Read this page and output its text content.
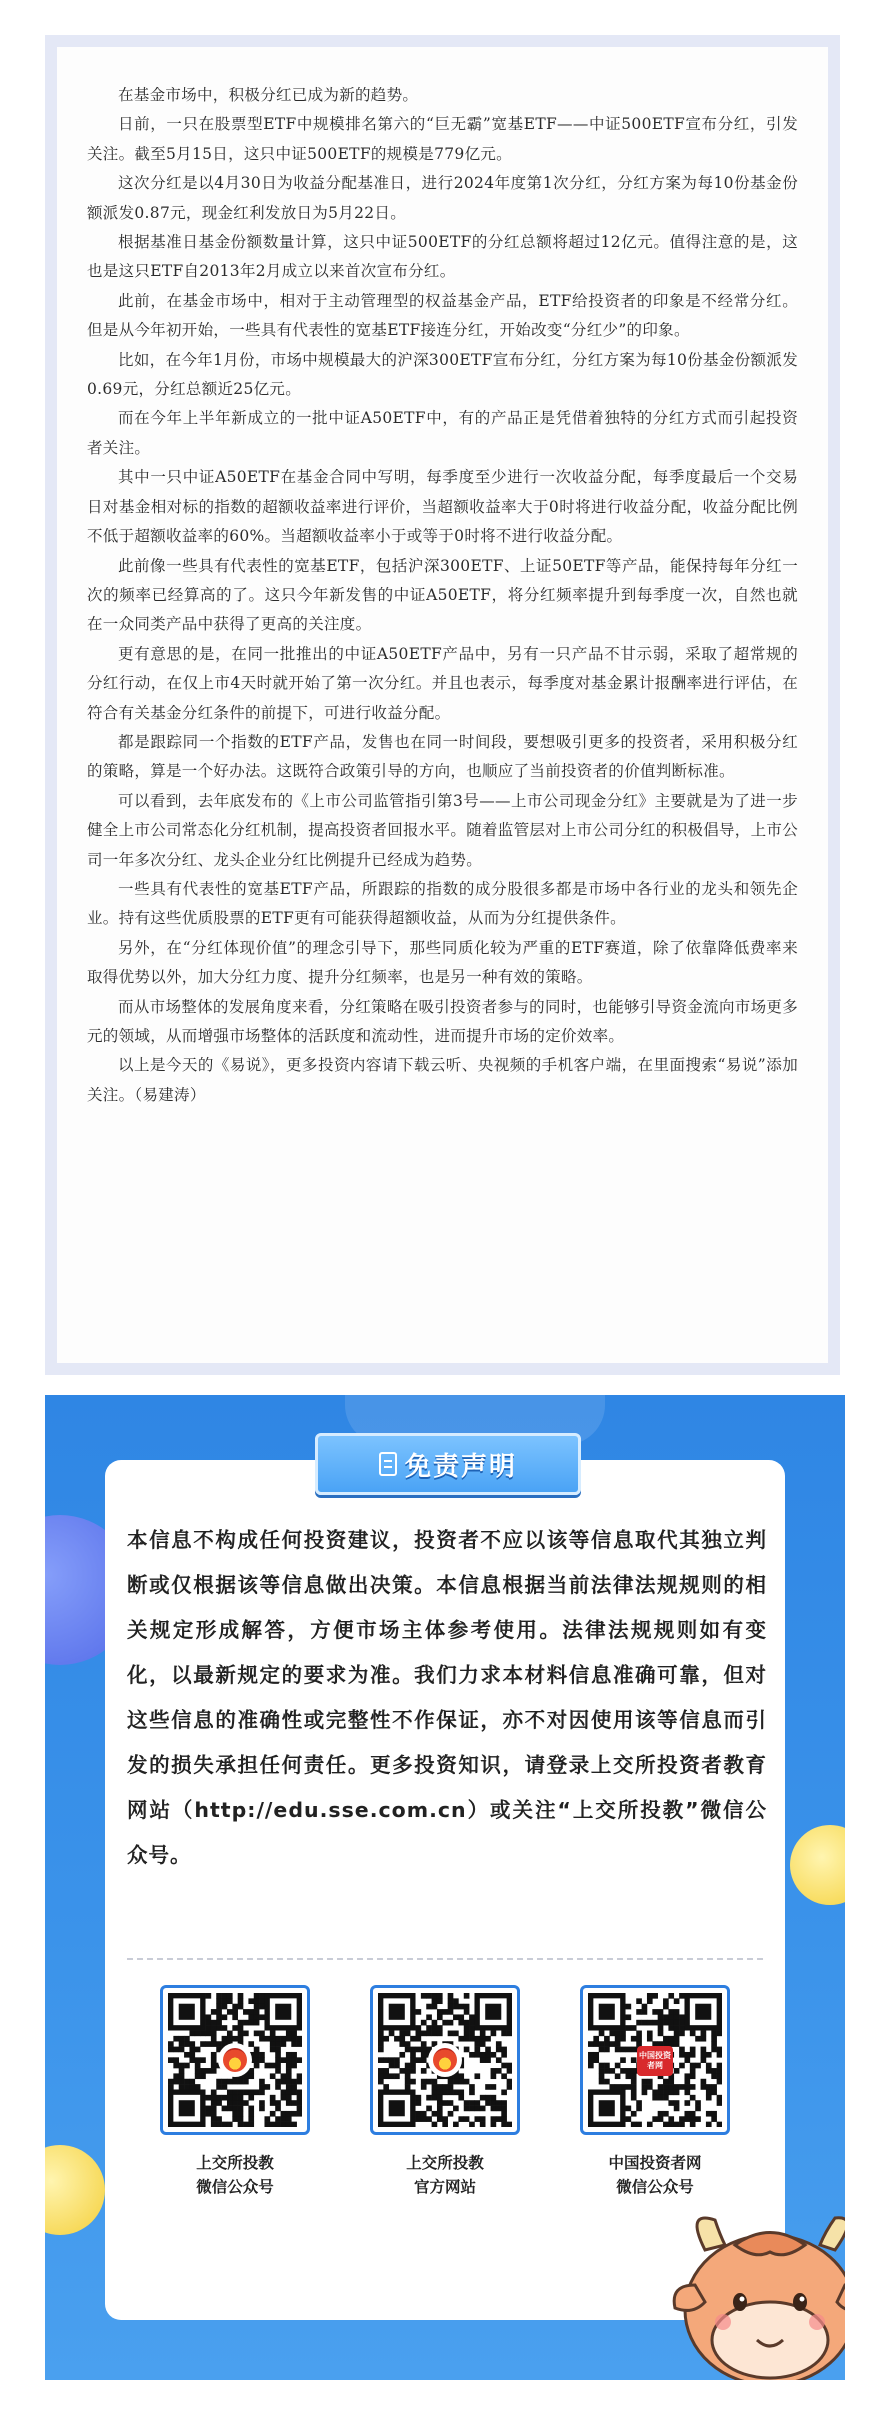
在基金市场中，积极分红已成为新的趋势。

日前，一只在股票型ETF中规模排名第六的“巨无霸”宽基ETF——中证500ETF宣布分红，引发关注。截至5月15日，这只中证500ETF的规模是779亿元。

这次分红是以4月30日为收益分配基准日，进行2024年度第1次分红，分红方案为每10份基金份额派发0.87元，现金红利发放日为5月22日。

根据基准日基金份额数量计算，这只中证500ETF的分红总额将超过12亿元。值得注意的是，这也是这只ETF自2013年2月成立以来首次宣布分红。

此前，在基金市场中，相对于主动管理型的权益基金产品，ETF给投资者的印象是不经常分红。但是从今年初开始，一些具有代表性的宽基ETF接连分红，开始改变“分红少”的印象。

比如，在今年1月份，市场中规模最大的沪深300ETF宣布分红，分红方案为每10份基金份额派发0.69元，分红总额近25亿元。

而在今年上半年新成立的一批中证A50ETF中，有的产品正是凭借着独特的分红方式而引起投资者关注。

其中一只中证A50ETF在基金合同中写明，每季度至少进行一次收益分配，每季度最后一个交易日对基金相对标的指数的超额收益率进行评价，当超额收益率大于0时将进行收益分配，收益分配比例不低于超额收益率的60%。当超额收益率小于或等于0时将不进行收益分配。

此前像一些具有代表性的宽基ETF，包括沪深300ETF、上证50ETF等产品，能保持每年分红一次的频率已经算高的了。这只今年新发售的中证A50ETF，将分红频率提升到每季度一次，自然也就在一众同类产品中获得了更高的关注度。

更有意思的是，在同一批推出的中证A50ETF产品中，另有一只产品不甘示弱，采取了超常规的分红行动，在仅上市4天时就开始了第一次分红。并且也表示，每季度对基金累计报酬率进行评估，在符合有关基金分红条件的前提下，可进行收益分配。

都是跟踪同一个指数的ETF产品，发售也在同一时间段，要想吸引更多的投资者，采用积极分红的策略，算是一个好办法。这既符合政策引导的方向，也顺应了当前投资者的价值判断标准。

可以看到，去年底发布的《上市公司监管指引第3号——上市公司现金分红》主要就是为了进一步健全上市公司常态化分红机制，提高投资者回报水平。随着监管层对上市公司分红的积极倡导，上市公司一年多次分红、龙头企业分红比例提升已经成为趋势。

一些具有代表性的宽基ETF产品，所跟踪的指数的成分股很多都是市场中各行业的龙头和领先企业。持有这些优质股票的ETF更有可能获得超额收益，从而为分红提供条件。

另外，在“分红体现价值”的理念引导下，那些同质化较为严重的ETF赛道，除了依靠降低费率来取得优势以外，加大分红力度、提升分红频率，也是另一种有效的策略。

而从市场整体的发展角度来看，分红策略在吸引投资者参与的同时，也能够引导资金流向市场更多元的领域，从而增强市场整体的活跃度和流动性，进而提升市场的定价效率。

以上是今天的《易说》，更多投资内容请下载云听、央视频的手机客户端，在里面搜索“易说”添加关注。（易建涛）

本信息不构成任何投资建议，投资者不应以该等信息取代其独立判断或仅根据该等信息做出决策。本信息根据当前法律法规规则的相关规定形成解答，方便市场主体参考使用。法律法规规则如有变化，以最新规定的要求为准。我们力求本材料信息准确可靠，但对这些信息的准确性或完整性不作保证，亦不对因使用该等信息而引发的损失承担任何责任。更多投资知识，请登录上交所投资者教育网站（http://edu.sse.com.cn）或关注“上交所投教”微信公众号。
上交所投教
微信公众号
上交所投教
官方网站
中国投资者网
中国投资者网
微信公众号
免责声明
